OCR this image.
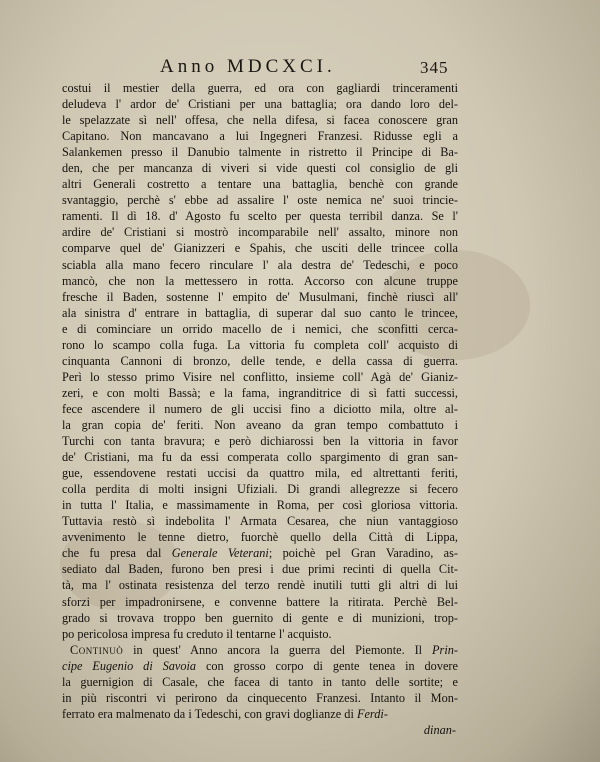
Anno MDCXCI.	345
costui il mestier della guerra, ed ora con gagliardi trinceramenti
deludeva l' ardor de' Cristiani per una battaglia; ora dando loro del-
le spelazzate sì nell' offesa, che nella difesa, si facea conoscere gran
Capitano. Non mancavano a lui Ingegneri Franzesi. Ridusse egli a
Salankemen presso il Danubio talmente in ristretto il Principe di Ba-
den, che per mancanza di viveri si vide questi col consiglio de gli
altri Generali costretto a tentare una battaglia, benchè con grande
svantaggio, perchè s' ebbe ad assalire l' oste nemica ne' suoi trincie-
ramenti. Il dì 18. d' Agosto fu scelto per questa terribil danza. Se l'
ardire de' Cristiani si mostrò incomparabile nell' assalto, minore non
comparve quel de' Gianizzeri e Spahis, che usciti delle trincee colla
sciabla alla mano fecero rinculare l' ala destra de' Tedeschi, e poco
mancò, che non la mettessero in rotta. Accorso con alcune truppe
fresche il Baden, sostenne l' empito de' Musulmani, finchè riuscì all'
ala sinistra d' entrare in battaglia, di superar dal suo canto le trincee,
e di cominciare un orrido macello de i nemici, che sconfitti cerca-
rono lo scampo colla fuga. La vittoria fu completa coll' acquisto di
cinquanta Cannoni di bronzo, delle tende, e della cassa di guerra.
Perì lo stesso primo Visire nel conflitto, insieme coll' Agà de' Gianiz-
zeri, e con molti Bassà; e la fama, ingranditrice di sì fatti successi,
fece ascendere il numero de gli uccisi fino a diciotto mila, oltre al-
la gran copia de' feriti. Non aveano da gran tempo combattuto i
Turchi con tanta bravura; e però dichiarossi ben la vittoria in favor
de' Cristiani, ma fu da essi comperata collo spargimento di gran san-
gue, essendovene restati uccisi da quattro mila, ed altrettanti feriti,
colla perdita di molti insigni Ufiziali. Di grandi allegrezze si fecero
in tutta l' Italia, e massimamente in Roma, per così gloriosa vittoria.
Tuttavia restò sì indebolita l' Armata Cesarea, che niun vantaggioso
avvenimento le tenne dietro, fuorchè quello della Città di Lippa,
che fu presa dal Generale Veterani; poichè pel Gran Varadino, as-
sediato dal Baden, furono ben presi i due primi recinti di quella Cit-
tà, ma l' ostinata resistenza del terzo rendè inutili tutti gli altri di lui
sforzi per impadronirsene, e convenne battere la ritirata. Perchè Bel-
grado si trovava troppo ben guernito di gente e di munizioni, trop-
po pericolosa impresa fu creduto il tentarne l' acquisto.
Continuò in quest' Anno ancora la guerra del Piemonte. Il Prin-
cipe Eugenio di Savoia con grosso corpo di gente tenea in dovere
la guernigion di Casale, che facea di tanto in tanto delle sortite; e
in più riscontri vi perirono da cinquecento Franzesi. Intanto il Mon-
ferrato era malmenato da i Tedeschi, con gravi doglianze di Ferdi-
dinan-
